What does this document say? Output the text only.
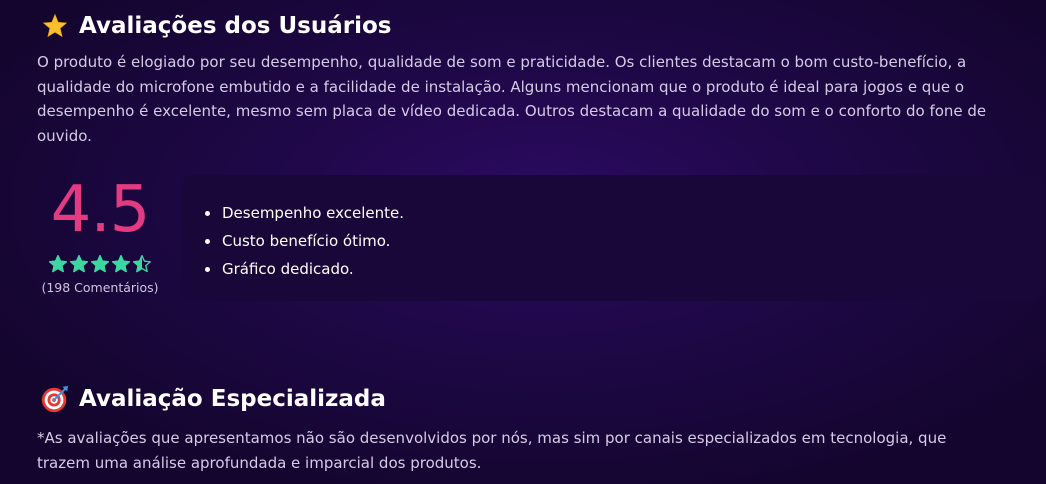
Avaliações dos Usuários

O produto é elogiado por seu desempenho, qualidade de som e praticidade. Os clientes destacam o bom custo-benefício, a qualidade do microfone embutido e a facilidade de instalação. Alguns mencionam que o produto é ideal para jogos e que o desempenho é excelente, mesmo sem placa de vídeo dedicada. Outros destacam a qualidade do som e o conforto do fone de ouvido.

4.5
(198 Comentários)
Desempenho excelente.
Custo benefício ótimo.
Gráfico dedicado.
Avaliação Especializada

*As avaliações que apresentamos não são desenvolvidos por nós, mas sim por canais especializados em tecnologia, que trazem uma análise aprofundada e imparcial dos produtos.
